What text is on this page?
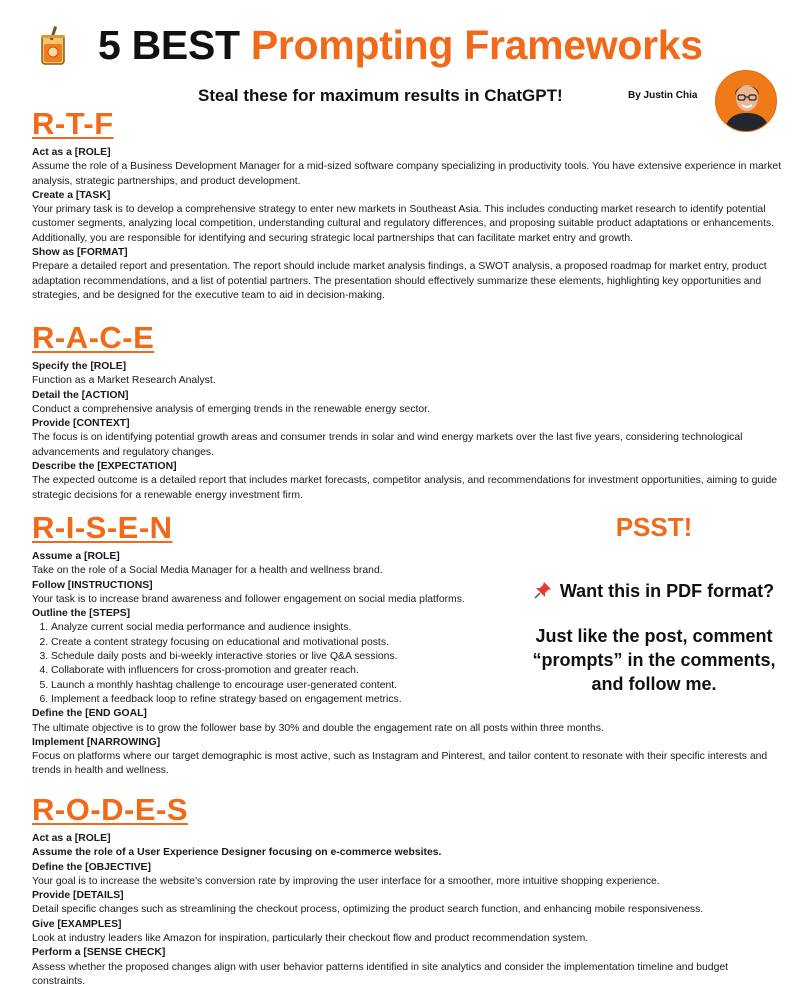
5 BEST Prompting Frameworks
Steal these for maximum results in ChatGPT!	By Justin Chia
R-T-F
Act as a [ROLE]
Assume the role of a Business Development Manager for a mid-sized software company specializing in productivity tools. You have extensive experience in market analysis, strategic partnerships, and product development.
Create a [TASK]
Your primary task is to develop a comprehensive strategy to enter new markets in Southeast Asia. This includes conducting market research to identify potential customer segments, analyzing local competition, understanding cultural and regulatory differences, and proposing suitable product adaptations or enhancements. Additionally, you are responsible for identifying and securing strategic local partnerships that can facilitate market entry and growth.
Show as [FORMAT]
Prepare a detailed report and presentation. The report should include market analysis findings, a SWOT analysis, a proposed roadmap for market entry, product adaptation recommendations, and a list of potential partners. The presentation should effectively summarize these elements, highlighting key opportunities and strategies, and be designed for the executive team to aid in decision-making.
R-A-C-E
Specify the [ROLE]
Function as a Market Research Analyst.
Detail the [ACTION]
Conduct a comprehensive analysis of emerging trends in the renewable energy sector.
Provide [CONTEXT]
The focus is on identifying potential growth areas and consumer trends in solar and wind energy markets over the last five years, considering technological advancements and regulatory changes.
Describe the [EXPECTATION]
The expected outcome is a detailed report that includes market forecasts, competitor analysis, and recommendations for investment opportunities, aiming to guide strategic decisions for a renewable energy investment firm.
R-I-S-E-N
Assume a [ROLE]
Take on the role of a Social Media Manager for a health and wellness brand.
Follow [INSTRUCTIONS]
Your task is to increase brand awareness and follower engagement on social media platforms.
Outline the [STEPS]
1. Analyze current social media performance and audience insights.
2. Create a content strategy focusing on educational and motivational posts.
3. Schedule daily posts and bi-weekly interactive stories or live Q&A sessions.
4. Collaborate with influencers for cross-promotion and greater reach.
5. Launch a monthly hashtag challenge to encourage user-generated content.
6. Implement a feedback loop to refine strategy based on engagement metrics.
Define the [END GOAL]
The ultimate objective is to grow the follower base by 30% and double the engagement rate on all posts within three months.
Implement [NARROWING]
Focus on platforms where our target demographic is most active, such as Instagram and Pinterest, and tailor content to resonate with their specific interests and trends in health and wellness.
R-O-D-E-S
Act as a [ROLE]
Assume the role of a User Experience Designer focusing on e-commerce websites.
Define the [OBJECTIVE]
Your goal is to increase the website's conversion rate by improving the user interface for a smoother, more intuitive shopping experience.
Provide [DETAILS]
Detail specific changes such as streamlining the checkout process, optimizing the product search function, and enhancing mobile responsiveness.
Give [EXAMPLES]
Look at industry leaders like Amazon for inspiration, particularly their checkout flow and product recommendation system.
Perform a [SENSE CHECK]
Assess whether the proposed changes align with user behavior patterns identified in site analytics and consider the implementation timeline and budget constraints.
PSST!
Want this in PDF format?
Just like the post, comment “prompts” in the comments, and follow me.
